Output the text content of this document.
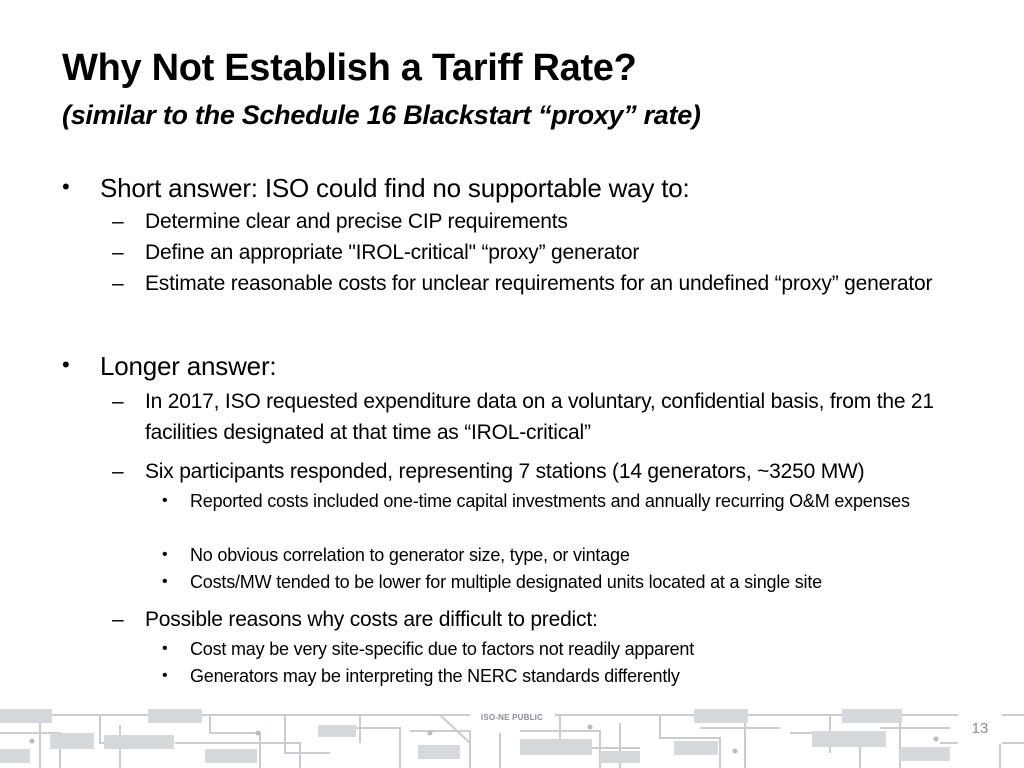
Why Not Establish a Tariff Rate?
(similar to the Schedule 16 Blackstart “proxy” rate)
• Short answer: ISO could find no supportable way to:
– Determine clear and precise CIP requirements
– Define an appropriate "IROL-critical" “proxy” generator
– Estimate reasonable costs for unclear requirements for an undefined “proxy” generator
• Longer answer:
– In 2017, ISO requested expenditure data on a voluntary, confidential basis, from the 21 facilities designated at that time as “IROL-critical”
– Six participants responded, representing 7 stations (14 generators, ~3250 MW)
• Reported costs included one-time capital investments and annually recurring O&M expenses
• No obvious correlation to generator size, type, or vintage
• Costs/MW tended to be lower for multiple designated units located at a single site
– Possible reasons why costs are difficult to predict:
• Cost may be very site-specific due to factors not readily apparent
• Generators may be interpreting the NERC standards differently
ISO-NE PUBLIC
13
